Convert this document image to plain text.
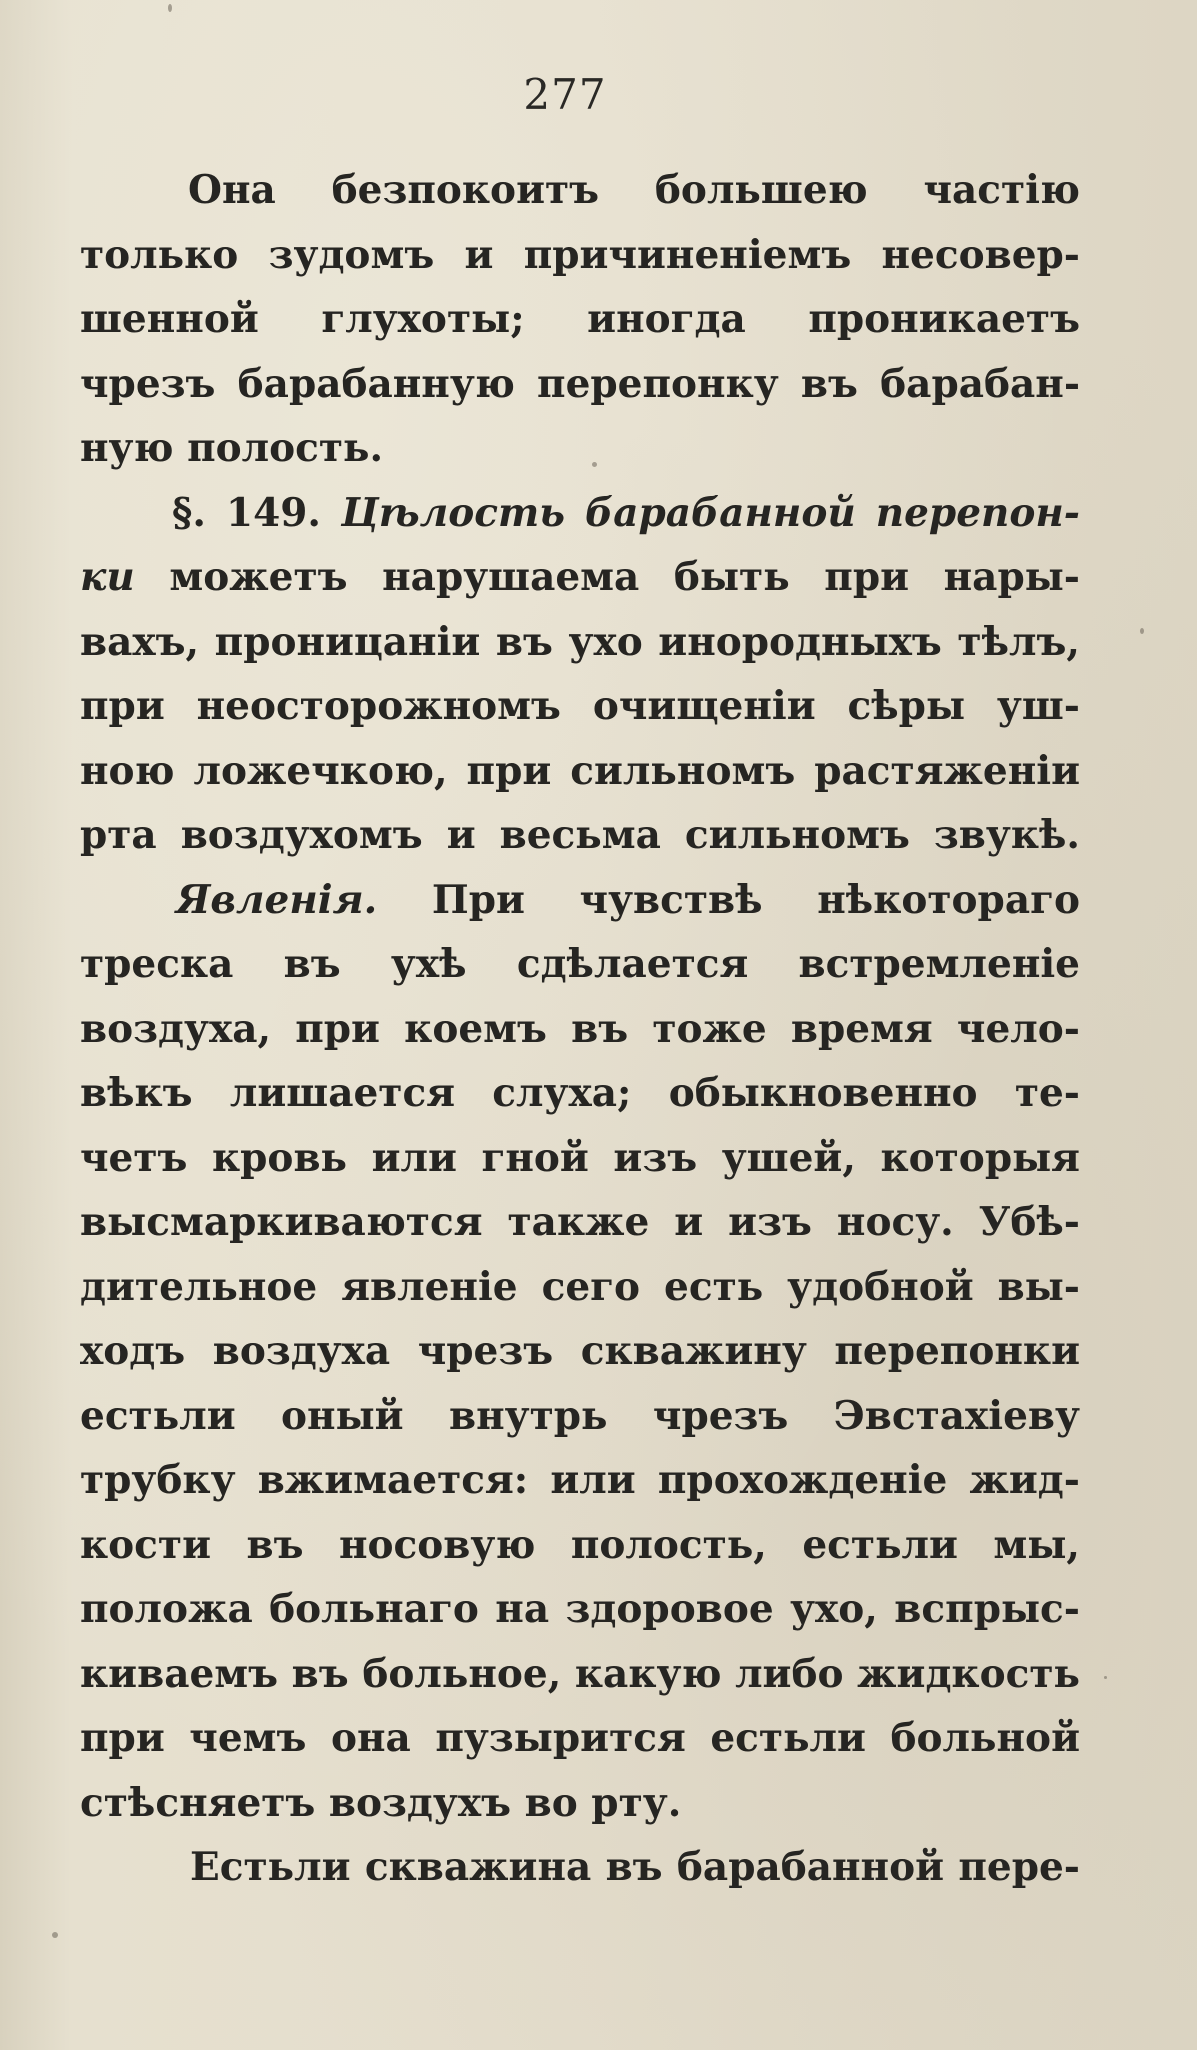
277
Она безпокоитъ большею частію
только зудомъ и причиненіемъ несовер-
шенной глухоты; иногда проникаетъ
чрезъ барабанную перепонку въ барабан-
ную полость.
§. 149. Цѣлость барабанной перепон-
ки можетъ нарушаема быть при нары-
вахъ, проницаніи въ ухо инородныхъ тѣлъ,
при неосторожномъ очищеніи сѣры уш-
ною ложечкою, при сильномъ растяженіи
рта воздухомъ и весьма сильномъ звукѣ.
Явленія. При чувствѣ нѣкотораго
треска въ ухѣ сдѣлается встремленіе
воздуха, при коемъ въ тоже время чело-
вѣкъ лишается слуха; обыкновенно те-
четъ кровь или гной изъ ушей, которыя
высмаркиваются также и изъ носу. Убѣ-
дительное явленіе сего есть удобной вы-
ходъ воздуха чрезъ скважину перепонки
естьли оный внутрь чрезъ Эвстахіеву
трубку вжимается: или прохожденіе жид-
кости въ носовую полость, естьли мы,
положа больнаго на здоровое ухо, вспрыс-
киваемъ въ больное, какую либо жидкость
при чемъ она пузырится естьли больной
стѣсняетъ воздухъ во рту.
Естьли скважина въ барабанной пере-
